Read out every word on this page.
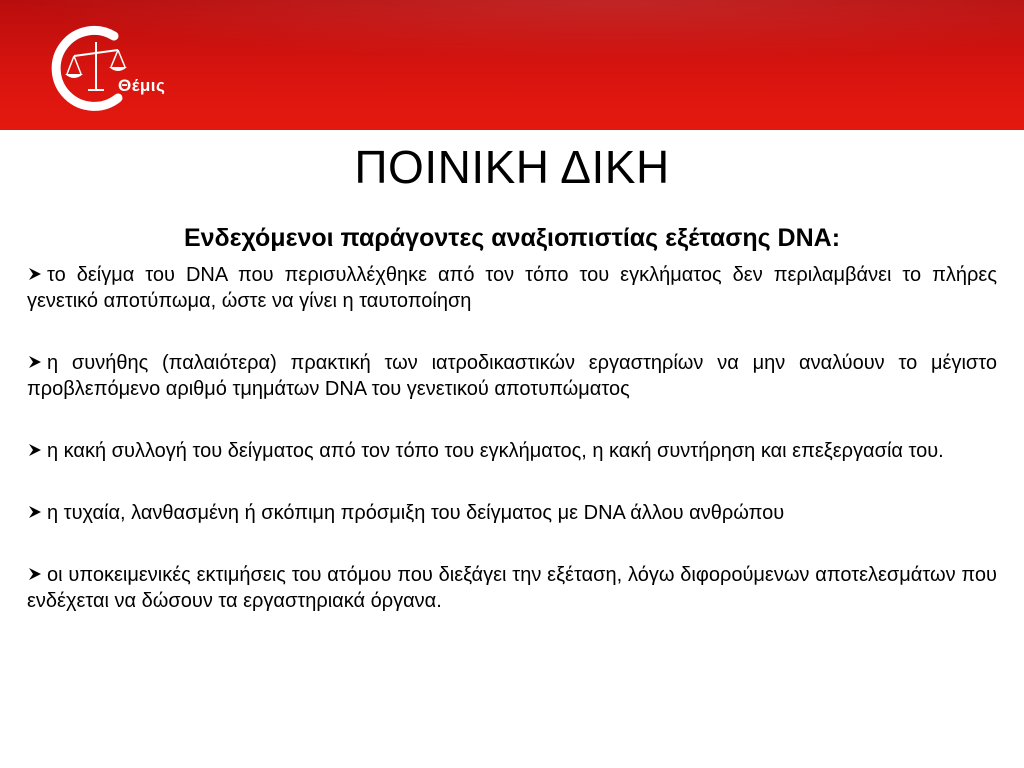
Θέμις
ΠΟΙΝΙΚΗ ΔΙΚΗ
Ενδεχόμενοι παράγοντες αναξιοπιστίας εξέτασης DNA:
το δείγμα του DNA που περισυλλέχθηκε από τον τόπο του εγκλήματος δεν περιλαμβάνει το πλήρες γενετικό αποτύπωμα, ώστε να γίνει η ταυτοποίηση
η συνήθης (παλαιότερα) πρακτική των ιατροδικαστικών εργαστηρίων να μην αναλύουν το μέγιστο προβλεπόμενο αριθμό τμημάτων DNA του γενετικού αποτυπώματος
η κακή συλλογή του δείγματος από τον τόπο του εγκλήματος, η κακή συντήρηση και επεξεργασία του.
η τυχαία, λανθασμένη ή σκόπιμη πρόσμιξη του δείγματος με DNA άλλου ανθρώπου
οι υποκειμενικές εκτιμήσεις του ατόμου που διεξάγει την εξέταση, λόγω διφορούμενων αποτελεσμάτων που ενδέχεται να δώσουν τα εργαστηριακά όργανα.
